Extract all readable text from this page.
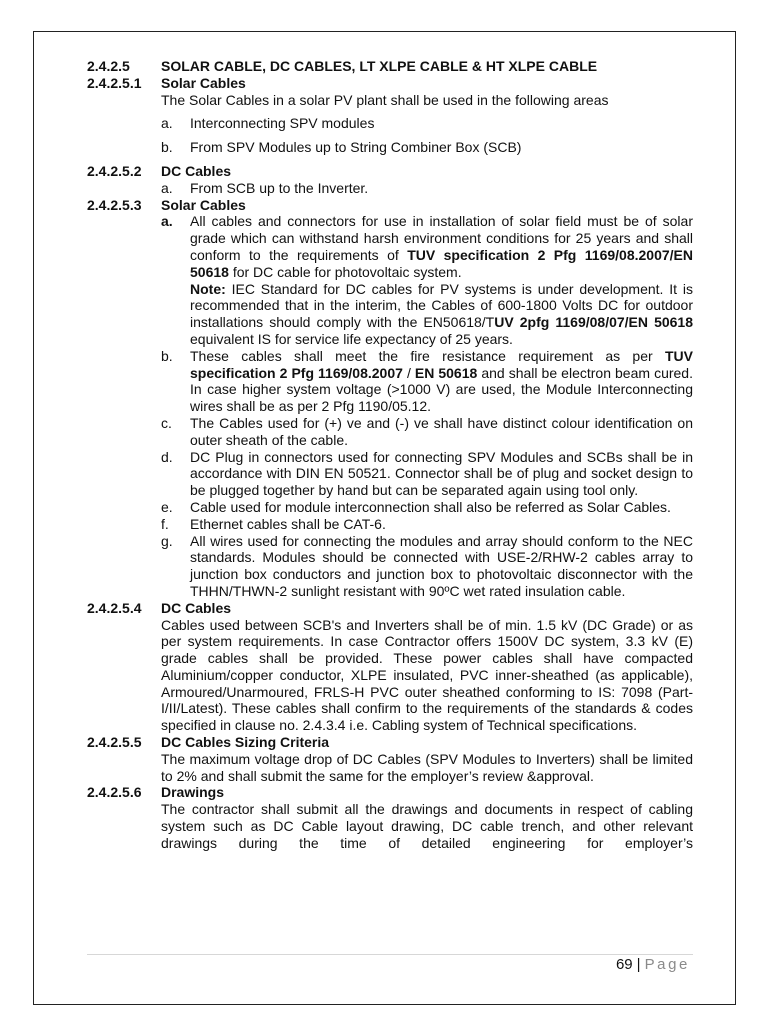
2.4.2.5	SOLAR CABLE, DC CABLES, LT XLPE CABLE & HT XLPE CABLE
2.4.2.5.1	Solar Cables
The Solar Cables in a solar PV plant shall be used in the following areas
a.	Interconnecting SPV modules
b.	From SPV Modules up to String Combiner Box (SCB)
2.4.2.5.2	DC Cables
a.	From SCB up to the Inverter.
2.4.2.5.3	Solar Cables
a.	All cables and connectors for use in installation of solar field must be of solar grade which can withstand harsh environment conditions for 25 years and shall conform to the requirements of TUV specification 2 Pfg 1169/08.2007/EN 50618 for DC cable for photovoltaic system.
Note: IEC Standard for DC cables for PV systems is under development. It is recommended that in the interim, the Cables of 600-1800 Volts DC for outdoor installations should comply with the EN50618/TUV 2pfg 1169/08/07/EN 50618 equivalent IS for service life expectancy of 25 years.
b.	These cables shall meet the fire resistance requirement as per TUV specification 2 Pfg 1169/08.2007 / EN 50618 and shall be electron beam cured. In case higher system voltage (>1000 V) are used, the Module Interconnecting wires shall be as per 2 Pfg 1190/05.12.
c.	The Cables used for (+) ve and (-) ve shall have distinct colour identification on outer sheath of the cable.
d.	DC Plug in connectors used for connecting SPV Modules and SCBs shall be in accordance with DIN EN 50521. Connector shall be of plug and socket design to be plugged together by hand but can be separated again using tool only.
e.	Cable used for module interconnection shall also be referred as Solar Cables.
f.	Ethernet cables shall be CAT-6.
g.	All wires used for connecting the modules and array should conform to the NEC standards. Modules should be connected with USE-2/RHW-2 cables array to junction box conductors and junction box to photovoltaic disconnector with the THHN/THWN-2 sunlight resistant with 90ºC wet rated insulation cable.
2.4.2.5.4	DC Cables
Cables used between SCB's and Inverters shall be of min. 1.5 kV (DC Grade) or as per system requirements. In case Contractor offers 1500V DC system, 3.3 kV (E) grade cables shall be provided. These power cables shall have compacted Aluminium/copper conductor, XLPE insulated, PVC inner-sheathed (as applicable), Armoured/Unarmoured, FRLS-H PVC outer sheathed conforming to IS: 7098 (Part-I/II/Latest). These cables shall confirm to the requirements of the standards & codes specified in clause no. 2.4.3.4 i.e. Cabling system of Technical specifications.
2.4.2.5.5	DC Cables Sizing Criteria
The maximum voltage drop of DC Cables (SPV Modules to Inverters) shall be limited to 2% and shall submit the same for the employer’s review &approval.
2.4.2.5.6	Drawings
The contractor shall submit all the drawings and documents in respect of cabling system such as DC Cable layout drawing, DC cable trench, and other relevant drawings during the time of detailed engineering for employer’s
69 | Page
